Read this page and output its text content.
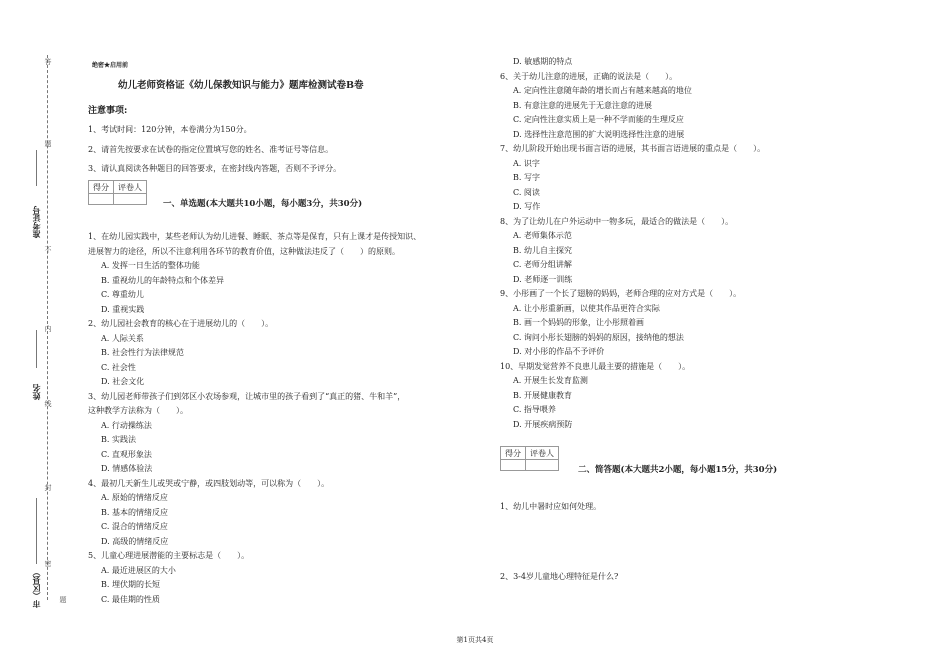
答
题
不
内
线
封
密
题
准考证号
姓名
市（区县）
绝密★启用前
幼儿老师资格证《幼儿保教知识与能力》题库检测试卷B卷
注意事项:

1、考试时间：120分钟，本卷满分为150分。

2、请首先按要求在试卷的指定位置填写您的姓名、准考证号等信息。

3、请认真阅读各种题目的回答要求，在密封线内答题，否则不予评分。

得分	评卷人

一、单选题(本大题共10小题，每小题3分，共30分)

1、在幼儿园实践中，某些老师认为幼儿进餐、睡眠、茶点等是保育，只有上课才是传授知识、

进展智力的途径，所以不注意利用各环节的教育价值，这种做法违反了（　　）的原则。

A. 发挥一日生活的整体功能

B. 重视幼儿的年龄特点和个体差异

C. 尊重幼儿

D. 重视实践

2、幼儿园社会教育的核心在于进展幼儿的（　　）。

A. 人际关系

B. 社会性行为法律规范

C. 社会性

D. 社会文化

3、幼儿园老师带孩子们到郊区小农场参观，让城市里的孩子看到了“真正的猪、牛和羊”，

这种教学方法称为（　　）。

A. 行动操练法

B. 实践法

C. 直观形象法

D. 情感体验法

4、最初几天新生儿或哭或宁静，或四肢划动等，可以称为（　　）。

A. 原始的情绪反应

B. 基本的情绪反应

C. 混合的情绪反应

D. 高级的情绪反应

5、儿童心理进展潜能的主要标志是（　　）。

A. 最近进展区的大小

B. 埋伏期的长短

C. 最佳期的性质

D. 敏感期的特点

6、关于幼儿注意的进展，正确的说法是（　　）。

A. 定向性注意随年龄的增长而占有越来越高的地位

B. 有意注意的进展先于无意注意的进展

C. 定向性注意实质上是一种不学而能的生理反应

D. 选择性注意范围的扩大说明选择性注意的进展

7、幼儿阶段开始出现书面言语的进展，其书面言语进展的重点是（　　）。

A. 识字

B. 写字

C. 阅读

D. 写作

8、为了让幼儿在户外运动中一物多玩，最适合的做法是（　　）。

A. 老师集体示范

B. 幼儿自主探究

C. 老师分组讲解

D. 老师逐一训练

9、小彤画了一个长了翅膀的妈妈，老师合理的应对方式是（　　）。

A. 让小彤重新画，以使其作品更符合实际

B. 画一个妈妈的形象，让小彤照着画

C. 询问小彤长翅膀的妈妈的原因，接纳他的想法

D. 对小彤的作品不予评价

10、早期发觉营养不良患儿最主要的措施是（　　）。

A. 开展生长发育监测

B. 开展健康教育

C. 指导喂养

D. 开展疾病预防

得分	评卷人

二、简答题(本大题共2小题，每小题15分，共30分)
1、幼儿中暑时应如何处理。
2、3-4岁儿童地心理特征是什么?
第1页共4页
